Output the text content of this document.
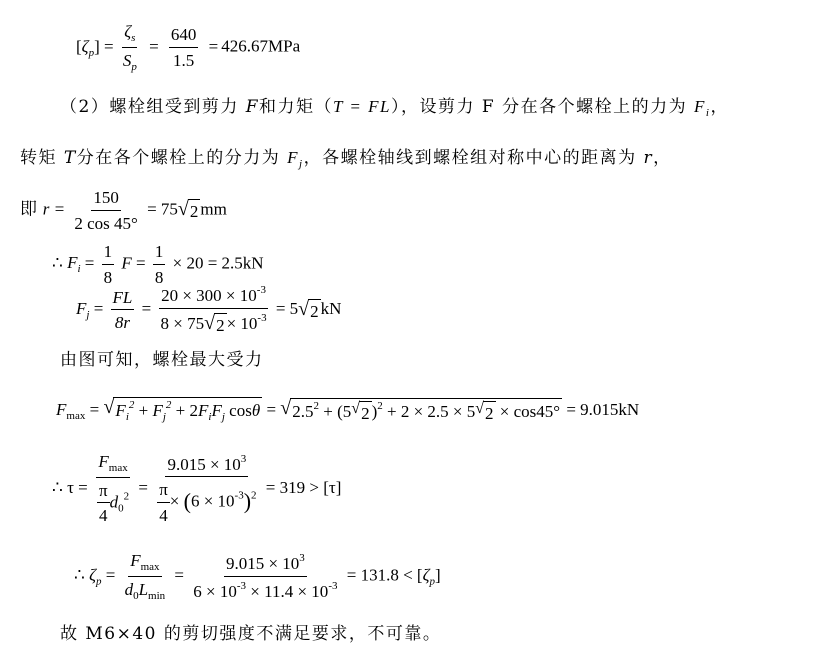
$[\zeta_p] = \frac{\zeta_s}{S_p} = \frac{640}{1.5} = 426.67MPa$
（2）螺栓组受到剪力 F和力矩（T = FL），设剪力 F 分在各个螺栓上的力为 $F_i$，
转矩 T分在各个螺栓上的分力为 $F_j$，各螺栓轴线到螺栓组对称中心的距离为 r，
即 $r = \frac{150}{2 \cos 45^\circ} = 75$ √ 2 mm
∴ $F_i = \frac{1}{8}$ $F = \frac{1}{8} \times 20 = 2.5kN$
$F_j = \frac{FL}{8r} = \frac{20 \times 300 \times 10^{-3}}{8 \times 75 √ 2 \times 10^{-3}} = 5$ √ 2 kN
由图可知，螺栓最大受力
$F_{max}$ = √ $F_i^2 + F_j^2 + 2F_iF_j$ cosθ = √ $2.5^2 + (5$ √ 2 )$^2$ + 2 × 2.5 × 5 √ 2 × cos45° = 9.015kN
∴ $\tau = \frac{F_{max}}{\frac{\pi}{4} d_0^2} = \frac{9.015 \times 10^3}{\frac{\pi}{4} \times (6 \times 10^{-3})^2} = 319 > [\tau]$
∴ $\zeta_p = \frac{F_{max}}{d_0L_{min}} = \frac{9.015 \times 10^3}{6 \times 10^{-3} \times 11.4 \times 10^{-3}} = 131.8 < [\zeta_p]$
故 M6×40 的剪切强度不满足要求，不可靠。
